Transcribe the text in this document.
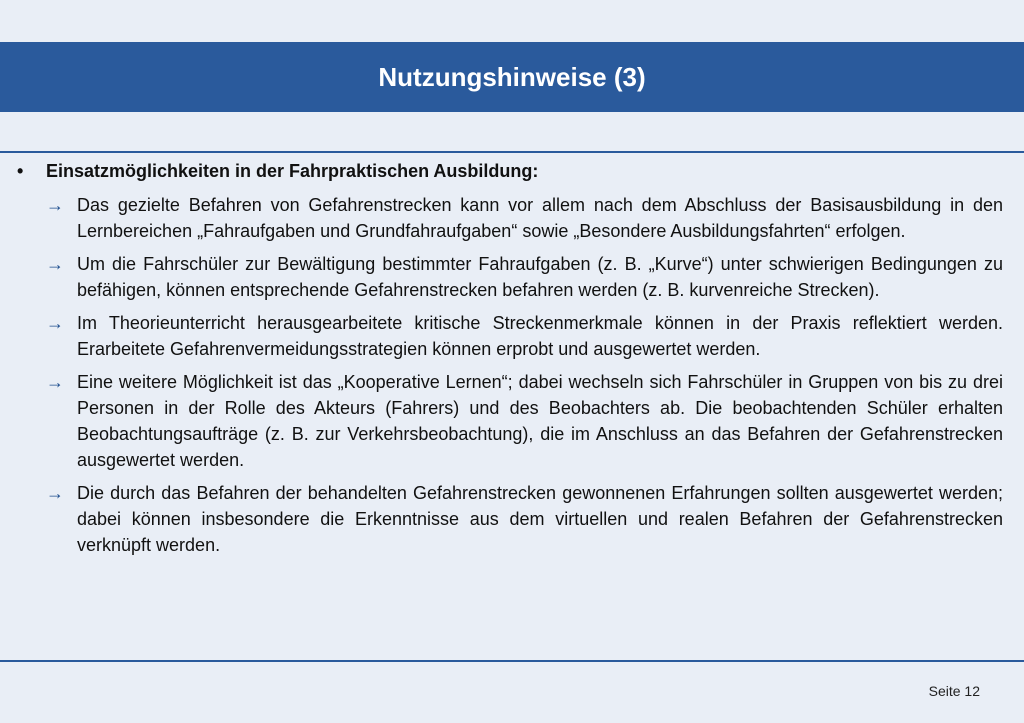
Nutzungshinweise (3)
•	Einsatzmöglichkeiten in der Fahrpraktischen Ausbildung:
→ Das gezielte Befahren von Gefahrenstrecken kann vor allem nach dem Abschluss der Basisausbildung in den Lernbereichen „Fahraufgaben und Grundfahraufgaben“ sowie „Besondere Ausbildungsfahrten“ erfolgen.
→ Um die Fahrschüler zur Bewältigung bestimmter Fahraufgaben (z. B. „Kurve“) unter schwierigen Bedingungen zu befähigen, können entsprechende Gefahrenstrecken befahren werden (z. B. kurvenreiche Strecken).
→ Im Theorieunterricht herausgearbeitete kritische Streckenmerkmale können in der Praxis reflektiert werden. Erarbeitete Gefahrenvermeidungsstrategien können erprobt und ausgewertet werden.
→ Eine weitere Möglichkeit ist das „Kooperative Lernen“; dabei wechseln sich Fahrschüler in Gruppen von bis zu drei Personen in der Rolle des Akteurs (Fahrers) und des Beobachters ab. Die beobachtenden Schüler erhalten Beobachtungsaufträge (z. B. zur Verkehrsbeobachtung), die im Anschluss an das Befahren der Gefahrenstrecken ausgewertet werden.
→ Die durch das Befahren der behandelten Gefahrenstrecken gewonnenen Erfahrungen sollten ausgewertet werden; dabei können insbesondere die Erkenntnisse aus dem virtuellen und realen Befahren der Gefahrenstrecken verknüpft werden.
Seite 12
